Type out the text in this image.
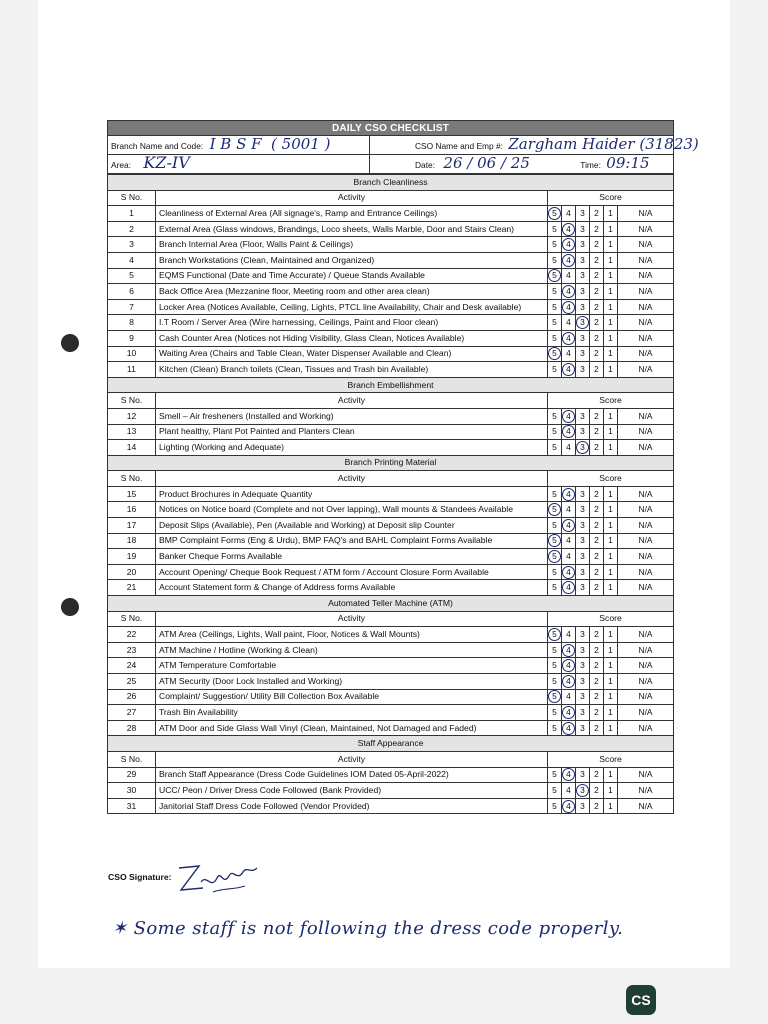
DAILY CSO CHECKLIST	
Branch Name and Code: I B S F  ( 5001 )	CSO Name and Emp #: Zargham Haider (31823)
Area: KZ-IV	Date: 26 / 06 / 25 Time: 09:15
Branch Cleanliness							
S No.	Activity	Score					
1	Cleanliness of External Area (All signage's, Ramp and Entrance Ceilings)	5	4	3	2	1	N/A
2	External Area (Glass windows, Brandings, Loco sheets, Walls Marble, Door and Stairs Clean)	5	4	3	2	1	N/A
3	Branch Internal Area (Floor, Walls Paint & Ceilings)	5	4	3	2	1	N/A
4	Branch Workstations (Clean, Maintained and Organized)	5	4	3	2	1	N/A
5	EQMS Functional (Date and Time Accurate) / Queue Stands Available	5	4	3	2	1	N/A
6	Back Office Area (Mezzanine floor, Meeting room and other area clean)	5	4	3	2	1	N/A
7	Locker Area (Notices Available, Ceiling, Lights, PTCL line Availability, Chair and Desk available)	5	4	3	2	1	N/A
8	I.T Room / Server Area (Wire harnessing, Ceilings, Paint and Floor clean)	5	4	3	2	1	N/A
9	Cash Counter Area (Notices not Hiding Visibility, Glass Clean, Notices Available)	5	4	3	2	1	N/A
10	Waiting Area (Chairs and Table Clean, Water Dispenser Available and Clean)	5	4	3	2	1	N/A
11	Kitchen (Clean) Branch toilets (Clean, Tissues and Trash bin Available)	5	4	3	2	1	N/A
Branch Embellishment							
S No.	Activity	Score					
12	Smell – Air fresheners (Installed and Working)	5	4	3	2	1	N/A
13	Plant healthy, Plant Pot Painted and Planters Clean	5	4	3	2	1	N/A
14	Lighting (Working and Adequate)	5	4	3	2	1	N/A
Branch Printing Material							
S No.	Activity	Score					
15	Product Brochures in Adequate Quantity	5	4	3	2	1	N/A
16	Notices on Notice board (Complete and not Over lapping), Wall mounts & Standees Available	5	4	3	2	1	N/A
17	Deposit Slips (Available), Pen (Available and Working) at Deposit slip Counter	5	4	3	2	1	N/A
18	BMP Complaint Forms (Eng & Urdu), BMP FAQ's and BAHL Complaint Forms Available	5	4	3	2	1	N/A
19	Banker Cheque Forms Available	5	4	3	2	1	N/A
20	Account Opening/ Cheque Book Request / ATM form / Account Closure Form Available	5	4	3	2	1	N/A
21	Account Statement form & Change of Address forms Available	5	4	3	2	1	N/A
Automated Teller Machine (ATM)							
S No.	Activity	Score					
22	ATM Area (Ceilings, Lights, Wall paint, Floor, Notices & Wall Mounts)	5	4	3	2	1	N/A
23	ATM Machine / Hotline (Working & Clean)	5	4	3	2	1	N/A
24	ATM Temperature Comfortable	5	4	3	2	1	N/A
25	ATM Security (Door Lock Installed and Working)	5	4	3	2	1	N/A
26	Complaint/ Suggestion/ Utility Bill Collection Box Available	5	4	3	2	1	N/A
27	Trash Bin Availability	5	4	3	2	1	N/A
28	ATM Door and Side Glass Wall Vinyl (Clean, Maintained, Not Damaged and Faded)	5	4	3	2	1	N/A
Staff Appearance							
S No.	Activity	Score					
29	Branch Staff Appearance (Dress Code Guidelines IOM Dated 05-April-2022)	5	4	3	2	1	N/A
30	UCC/ Peon / Driver Dress Code Followed (Bank Provided)	5	4	3	2	1	N/A
31	Janitorial Staff Dress Code Followed (Vendor Provided)	5	4	3	2	1	N/A
CSO Signature:
✶ Some staff is not following the dress code properly.
CS
